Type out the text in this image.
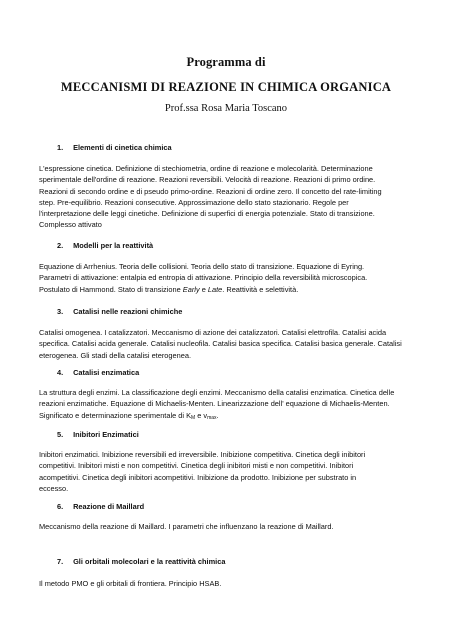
Programma di
MECCANISMI DI REAZIONE IN CHIMICA ORGANICA
Prof.ssa Rosa Maria Toscano
1. Elementi di cinetica chimica
L'espressione cinetica. Definizione di stechiometria, ordine di reazione e molecolarità. Determinazione
sperimentale dell'ordine di reazione. Reazioni reversibili. Velocità di reazione. Reazioni di primo ordine.
Reazioni di secondo ordine e di pseudo primo-ordine. Reazioni di ordine zero. Il concetto del rate-limiting
step. Pre-equilibrio. Reazioni consecutive. Approssimazione dello stato stazionario. Regole per
l'interpretazione delle leggi cinetiche. Definizione di superfici di energia potenziale. Stato di transizione.
Complesso attivato
2. Modelli per la reattività
Equazione di Arrhenius. Teoria delle collisioni. Teoria dello stato di transizione. Equazione di Eyring.
Parametri di attivazione: entalpia ed entropia di attivazione. Principio della reversibilità microscopica.
Postulato di Hammond. Stato di transizione Early e Late. Reattività e selettività.
3. Catalisi nelle reazioni chimiche
Catalisi omogenea. I catalizzatori. Meccanismo di azione dei catalizzatori. Catalisi elettrofila. Catalisi acida
specifica. Catalisi acida generale. Catalisi nucleofila. Catalisi basica specifica. Catalisi basica generale. Catalisi
eterogenea. Gli stadi della catalisi eterogenea.
4. Catalisi enzimatica
La struttura degli enzimi. La classificazione degli enzimi. Meccanismo della catalisi enzimatica. Cinetica delle
reazioni enzimatiche. Equazione di Michaelis-Menten. Linearizzazione dell' equazione di Michaelis-Menten.
Significato e determinazione sperimentale di $K_M$ e $v_{max}$.
5. Inibitori Enzimatici
Inibitori enzimatici. Inibizione reversibili ed irreversibile. Inibizione competitiva. Cinetica degli inibitori
competitivi. Inibitori misti e non competitivi. Cinetica degli inibitori misti e non competitivi. Inibitori
acompetitivi. Cinetica degli inibitori acompetitivi. Inibizione da prodotto. Inibizione per substrato in
eccesso.
6. Reazione di Maillard
Meccanismo della reazione di Maillard. I parametri che influenzano la reazione di Maillard.
7. Gli orbitali molecolari e la reattività chimica
Il metodo PMO e gli orbitali di frontiera. Principio HSAB.
